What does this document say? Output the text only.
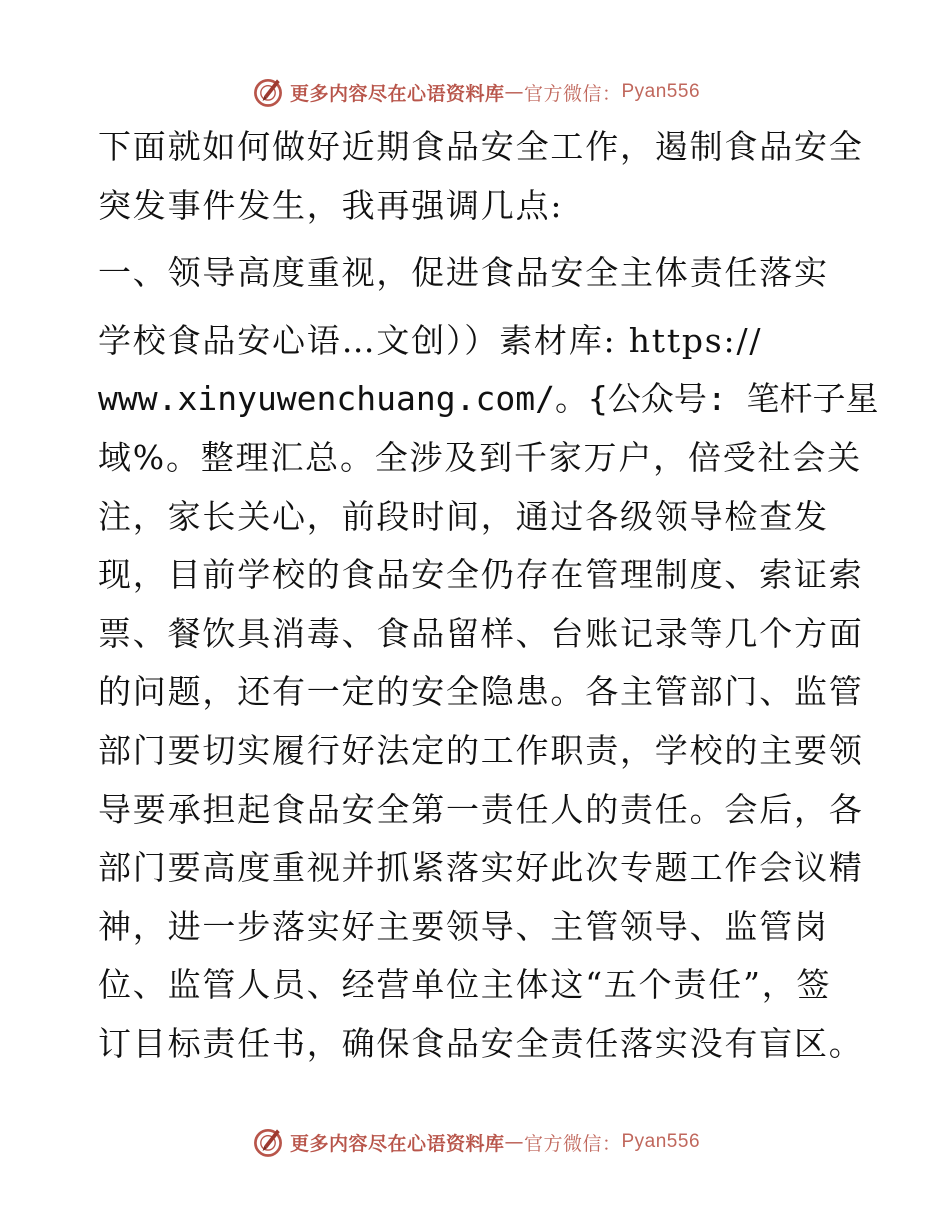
更多内容尽在心语资料库 — 官方微信： Pyan556
下面就如何做好近期食品安全工作，遏制食品安全
突发事件发生，我再强调几点:
一、领导高度重视，促进食品安全主体责任落实
学校食品安心语…文创））素材库: https://
www.xinyuwenchuang.com/。{公众号: 笔杆子星
域%。整理汇总。全涉及到千家万户，倍受社会关
注，家长关心，前段时间，通过各级领导检查发
现，目前学校的食品安全仍存在管理制度、索证索
票、餐饮具消毒、食品留样、台账记录等几个方面
的问题，还有一定的安全隐患。各主管部门、监管
部门要切实履行好法定的工作职责，学校的主要领
导要承担起食品安全第一责任人的责任。会后，各
部门要高度重视并抓紧落实好此次专题工作会议精
神，进一步落实好主要领导、主管领导、监管岗
位、监管人员、经营单位主体这“五个责任”，签
订目标责任书，确保食品安全责任落实没有盲区。
更多内容尽在心语资料库 — 官方微信： Pyan556
